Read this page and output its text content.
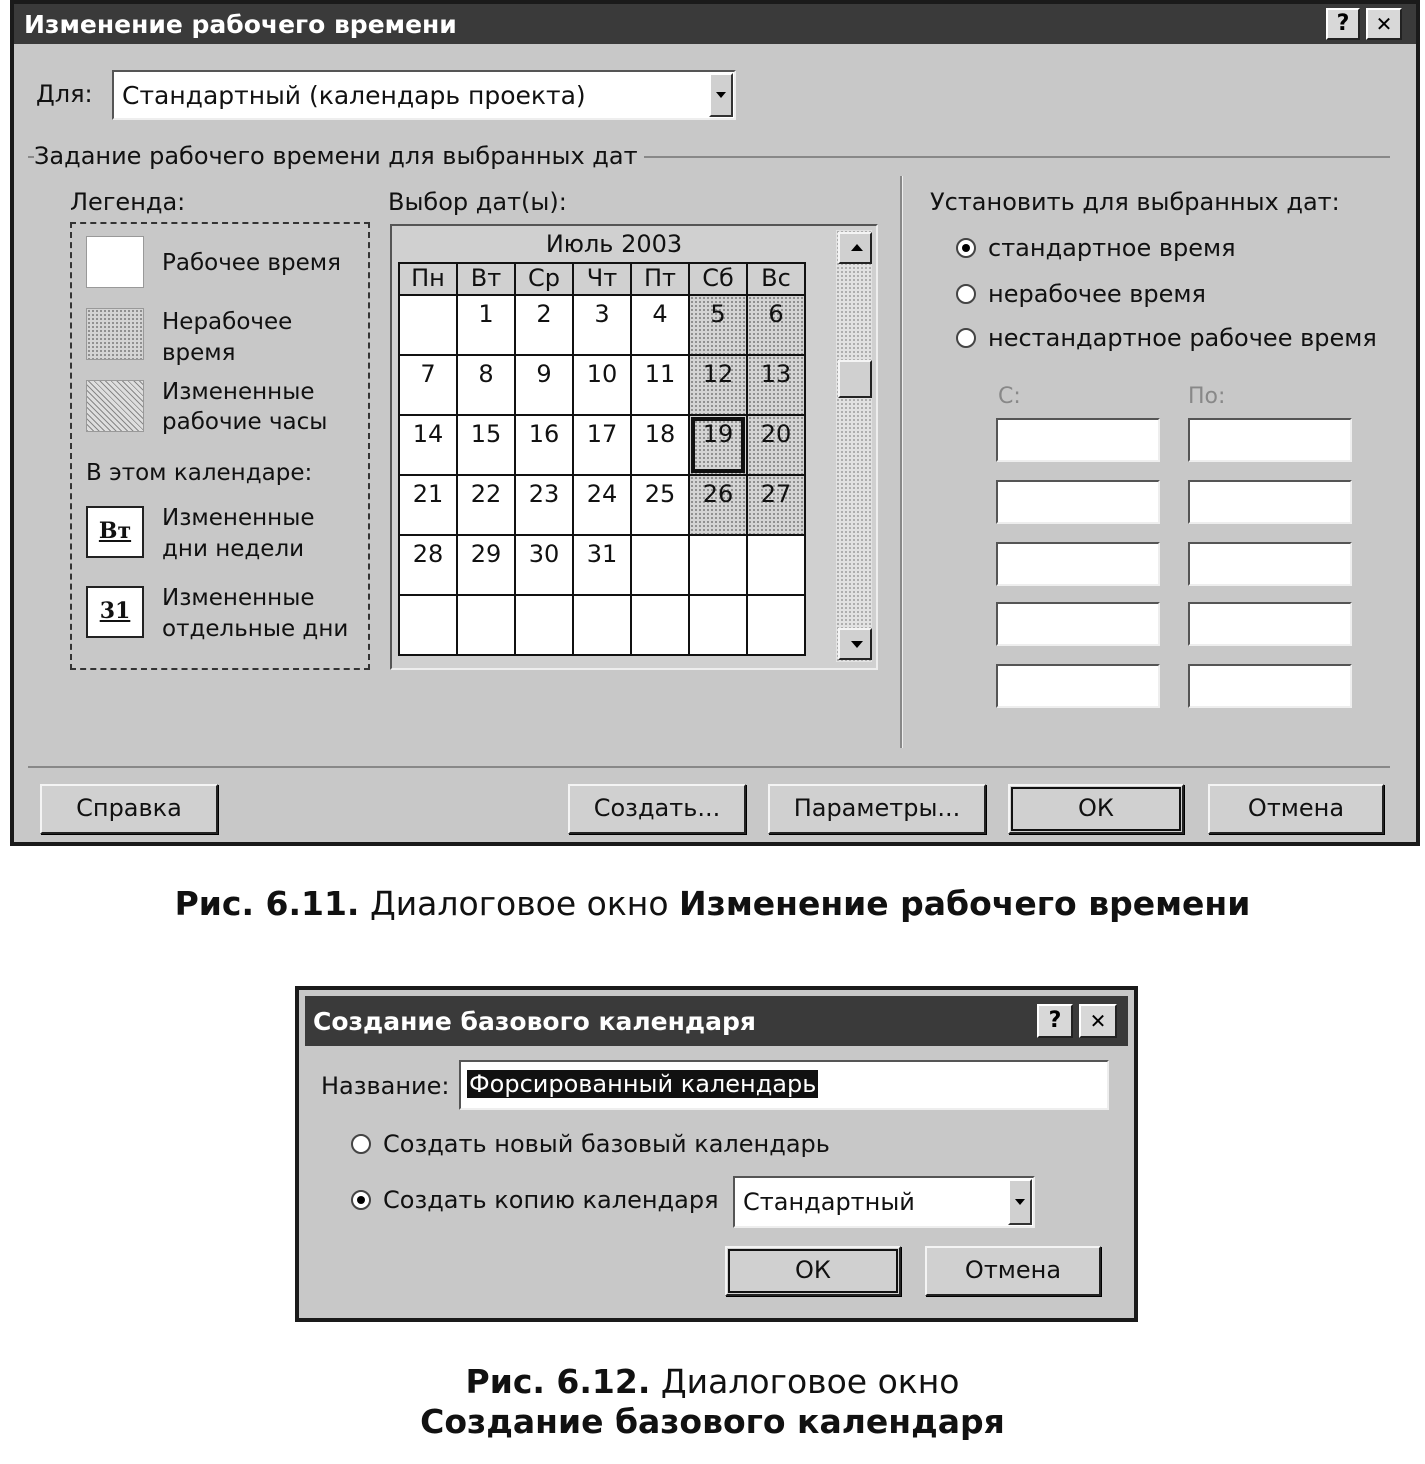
Изменение рабочего времени	?	✕
Для: Стандартный (календарь проекта)
Задание рабочего времени для выбранных дат
Легенда:
Рабочее время
Нерабочее
время
Измененные
рабочие часы
В этом календаре:
Вт	Измененные
дни недели
31	Измененные
отдельные дни
Выбор дат(ы):
Июль 2003
Пн	Вт	Ср	Чт	Пт	Сб	Вс
	1	2	3	4	5	6
7	8	9	10	11	12	13
14	15	16	17	18	19	20
21	22	23	24	25	26	27
28	29	30	31			

Установить для выбранных дат:
стандартное время
нерабочее время
нестандартное рабочее время
С:	По:
Справка	Создать...	Параметры...	ОК	Отмена
Рис. 6.11. Диалоговое окно Изменение рабочего времени
Создание базового календаря	?	✕
Название: Форсированный календарь
Создать новый базовый календарь
Создать копию календаря Стандартный
ОК	Отмена
Рис. 6.12. Диалоговое окно
Создание базового календаря
